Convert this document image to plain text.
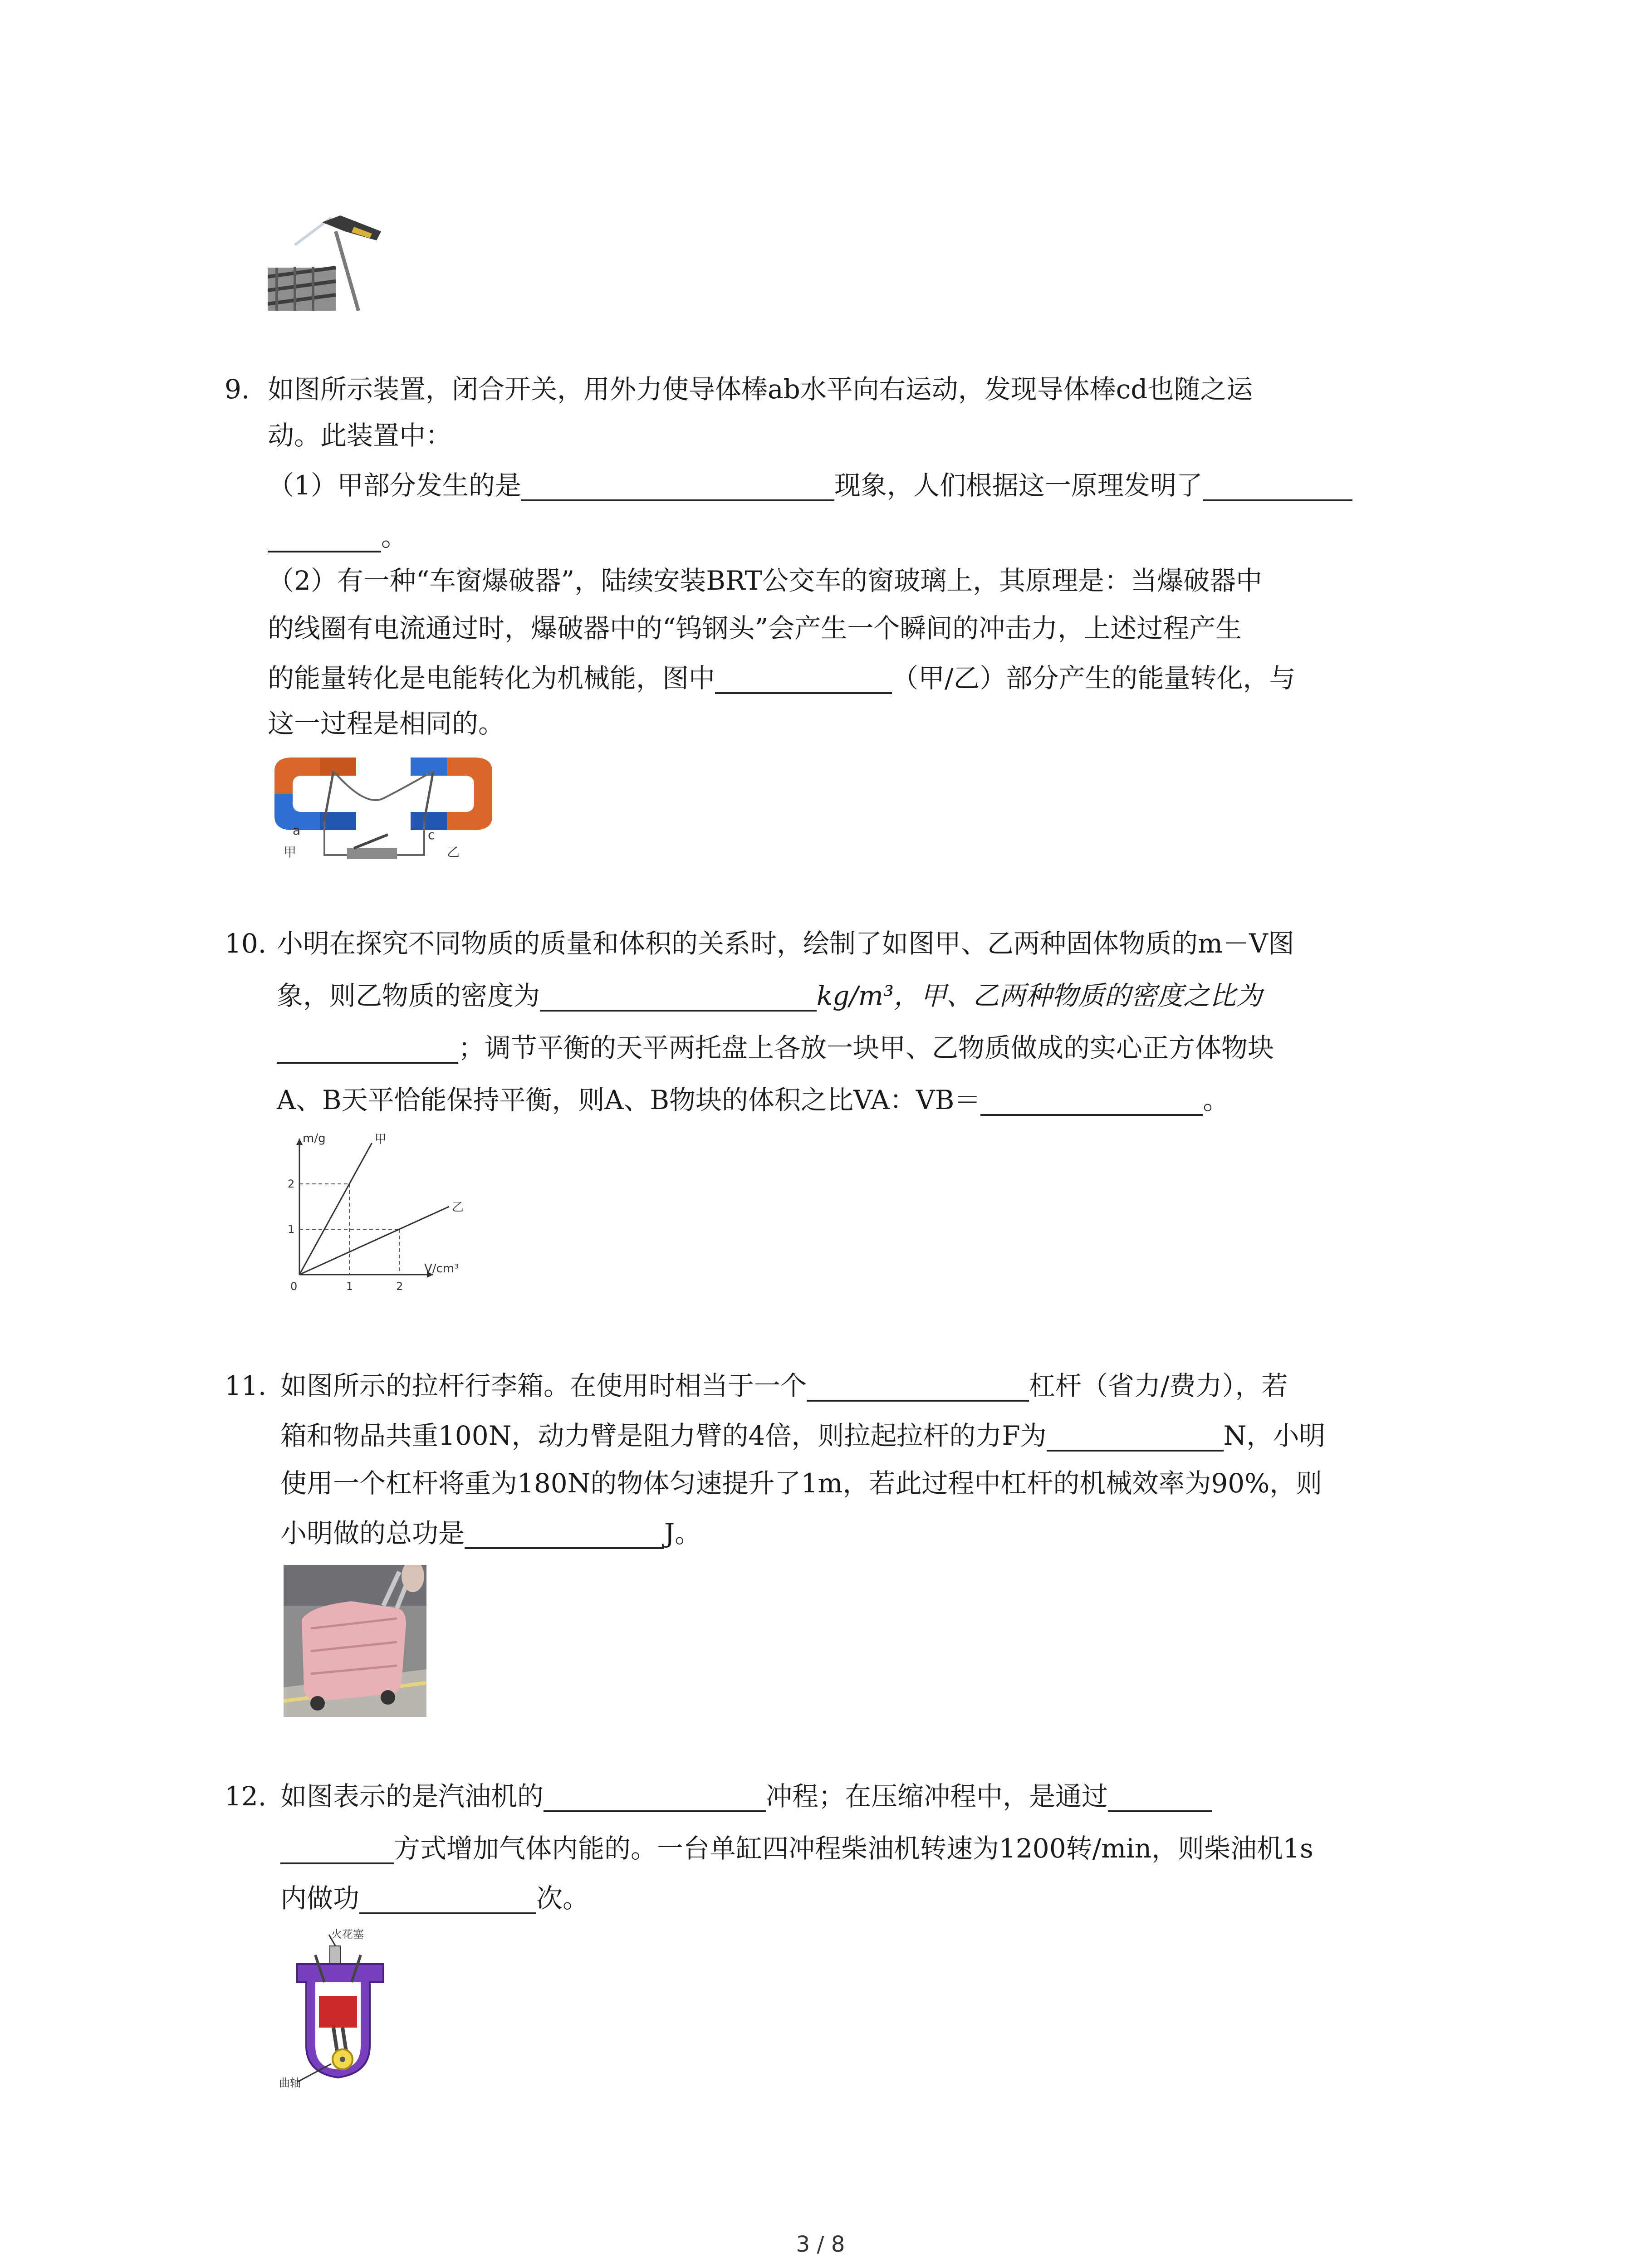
9. 如图所示装置，闭合开关，用外力使导体棒ab水平向右运动，发现导体棒cd也随之运
动。此装置中：
（1）甲部分发生的是	现象，人们根据这一原理发明了
。
（2）有一种“车窗爆破器”，陆续安装BRT公交车的窗玻璃上，其原理是：当爆破器中
的线圈有电流通过时，爆破器中的“钨钢头”会产生一个瞬间的冲击力，上述过程产生
的能量转化是电能转化为机械能，图中	（甲/乙）部分产生的能量转化，与
这一过程是相同的。
a
甲
c
乙
10. 小明在探究不同物质的质量和体积的关系时，绘制了如图甲、乙两种固体物质的m－V图
象，则乙物质的密度为	kg/m³，甲、乙两种物质的密度之比为
；调节平衡的天平两托盘上各放一块甲、乙物质做成的实心正方体物块
A、B天平恰能保持平衡，则A、B物块的体积之比VA：VB＝	。
0	1	2
1
2
甲
乙
m/g
V/cm³
11. 如图所示的拉杆行李箱。在使用时相当于一个	杠杆（省力/费力），若
箱和物品共重100N，动力臂是阻力臂的4倍，则拉起拉杆的力F为	N，小明
使用一个杠杆将重为180N的物体匀速提升了1m，若此过程中杠杆的机械效率为90%，则
小明做的总功是	J。
12. 如图表示的是汽油机的	冲程；在压缩冲程中，是通过
方式增加气体内能的。一台单缸四冲程柴油机转速为1200转/min，则柴油机1s
内做功	次。
火花塞
曲轴
3 / 8
